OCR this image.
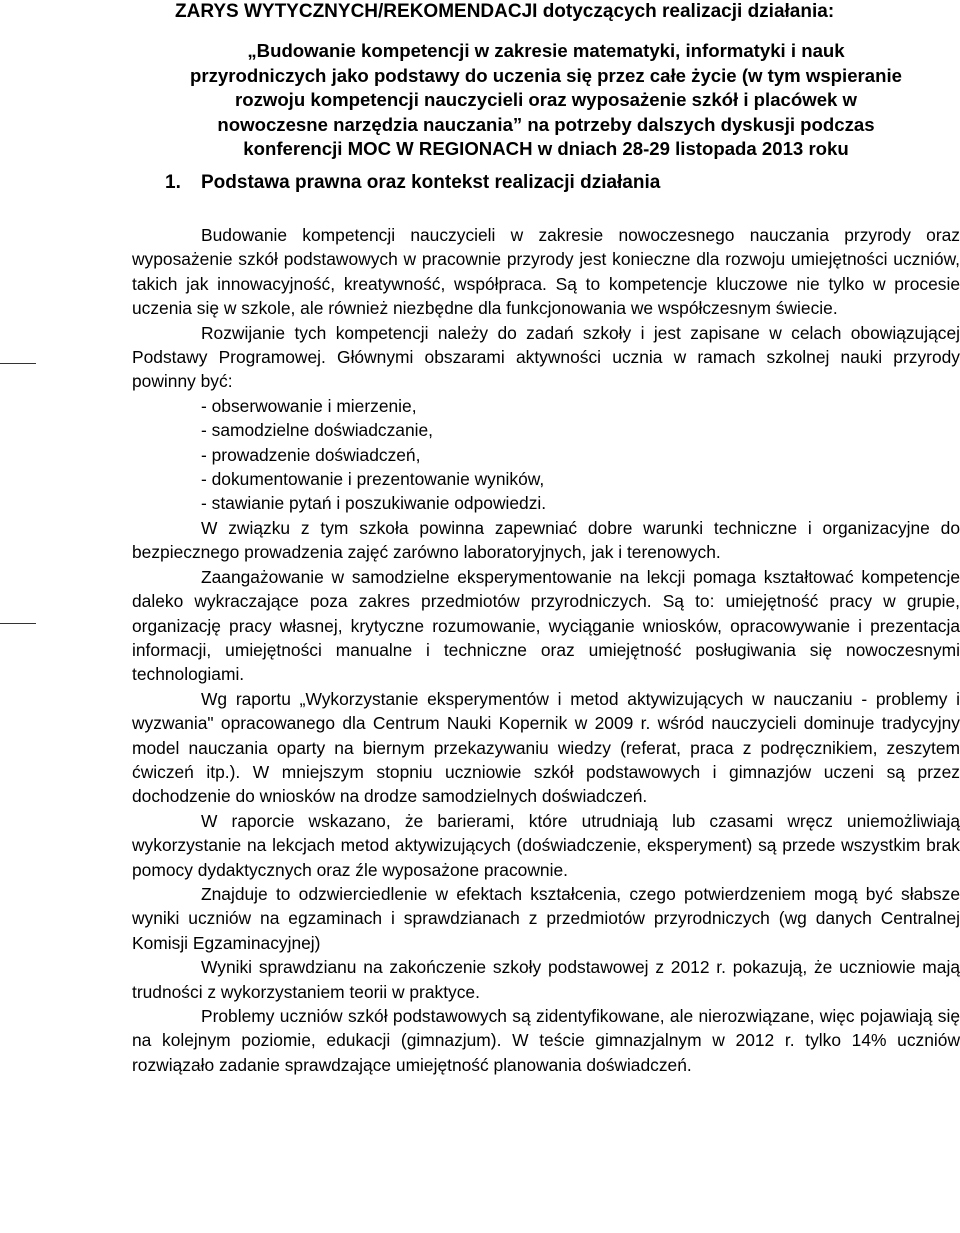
ZARYS WYTYCZNYCH/REKOMENDACJI dotyczących realizacji działania:
„Budowanie kompetencji w zakresie matematyki, informatyki i nauk
przyrodniczych jako podstawy do uczenia się przez całe życie (w tym wspieranie
rozwoju kompetencji nauczycieli oraz wyposażenie szkół i placówek w
nowoczesne narzędzia nauczania” na potrzeby dalszych dyskusji podczas
konferencji MOC W REGIONACH w dniach 28-29 listopada 2013 roku
1. Podstawa prawna oraz kontekst realizacji działania

Budowanie kompetencji nauczycieli w zakresie nowoczesnego nauczania przyrody oraz wyposażenie szkół podstawowych w pracownie przyrody jest konieczne dla rozwoju umiejętności uczniów, takich jak innowacyjność, kreatywność, współpraca. Są to kompetencje kluczowe nie tylko w procesie uczenia się w szkole, ale również niezbędne dla funkcjonowania we współczesnym świecie.

Rozwijanie tych kompetencji należy do zadań szkoły i jest zapisane w celach obowiązującej Podstawy Programowej. Głównymi obszarami aktywności ucznia w ramach szkolnej nauki przyrody powinny być:

- obserwowanie i mierzenie,
- samodzielne doświadczanie,
- prowadzenie doświadczeń,
- dokumentowanie i prezentowanie wyników,
- stawianie pytań i poszukiwanie odpowiedzi.

W związku z tym szkoła powinna zapewniać dobre warunki techniczne i organizacyjne do bezpiecznego prowadzenia zajęć zarówno laboratoryjnych, jak i terenowych.

Zaangażowanie w samodzielne eksperymentowanie na lekcji pomaga kształtować kompetencje daleko wykraczające poza zakres przedmiotów przyrodniczych. Są to: umiejętność pracy w grupie, organizację pracy własnej, krytyczne rozumowanie, wyciąganie wniosków, opracowywanie i prezentacja informacji, umiejętności manualne i techniczne oraz umiejętność posługiwania się nowoczesnymi technologiami.

Wg raportu „Wykorzystanie eksperymentów i metod aktywizujących w nauczaniu - problemy i wyzwania" opracowanego dla Centrum Nauki Kopernik w 2009 r. wśród nauczycieli dominuje tradycyjny model nauczania oparty na biernym przekazywaniu wiedzy (referat, praca z podręcznikiem, zeszytem ćwiczeń itp.). W mniejszym stopniu uczniowie szkół podstawowych i gimnazjów uczeni są przez dochodzenie do wniosków na drodze samodzielnych doświadczeń.

W raporcie wskazano, że barierami, które utrudniają lub czasami wręcz uniemożliwiają wykorzystanie na lekcjach metod aktywizujących (doświadczenie, eksperyment) są przede wszystkim brak pomocy dydaktycznych oraz źle wyposażone pracownie.

Znajduje to odzwierciedlenie w efektach kształcenia, czego potwierdzeniem mogą być słabsze wyniki uczniów na egzaminach i sprawdzianach z przedmiotów przyrodniczych (wg danych Centralnej Komisji Egzaminacyjnej)

Wyniki sprawdzianu na zakończenie szkoły podstawowej z 2012 r. pokazują, że uczniowie mają trudności z wykorzystaniem teorii w praktyce.

Problemy uczniów szkół podstawowych są zidentyfikowane, ale nierozwiązane, więc pojawiają się na kolejnym poziomie, edukacji (gimnazjum). W teście gimnazjalnym w 2012 r. tylko 14% uczniów rozwiązało zadanie sprawdzające umiejętność planowania doświadczeń.
